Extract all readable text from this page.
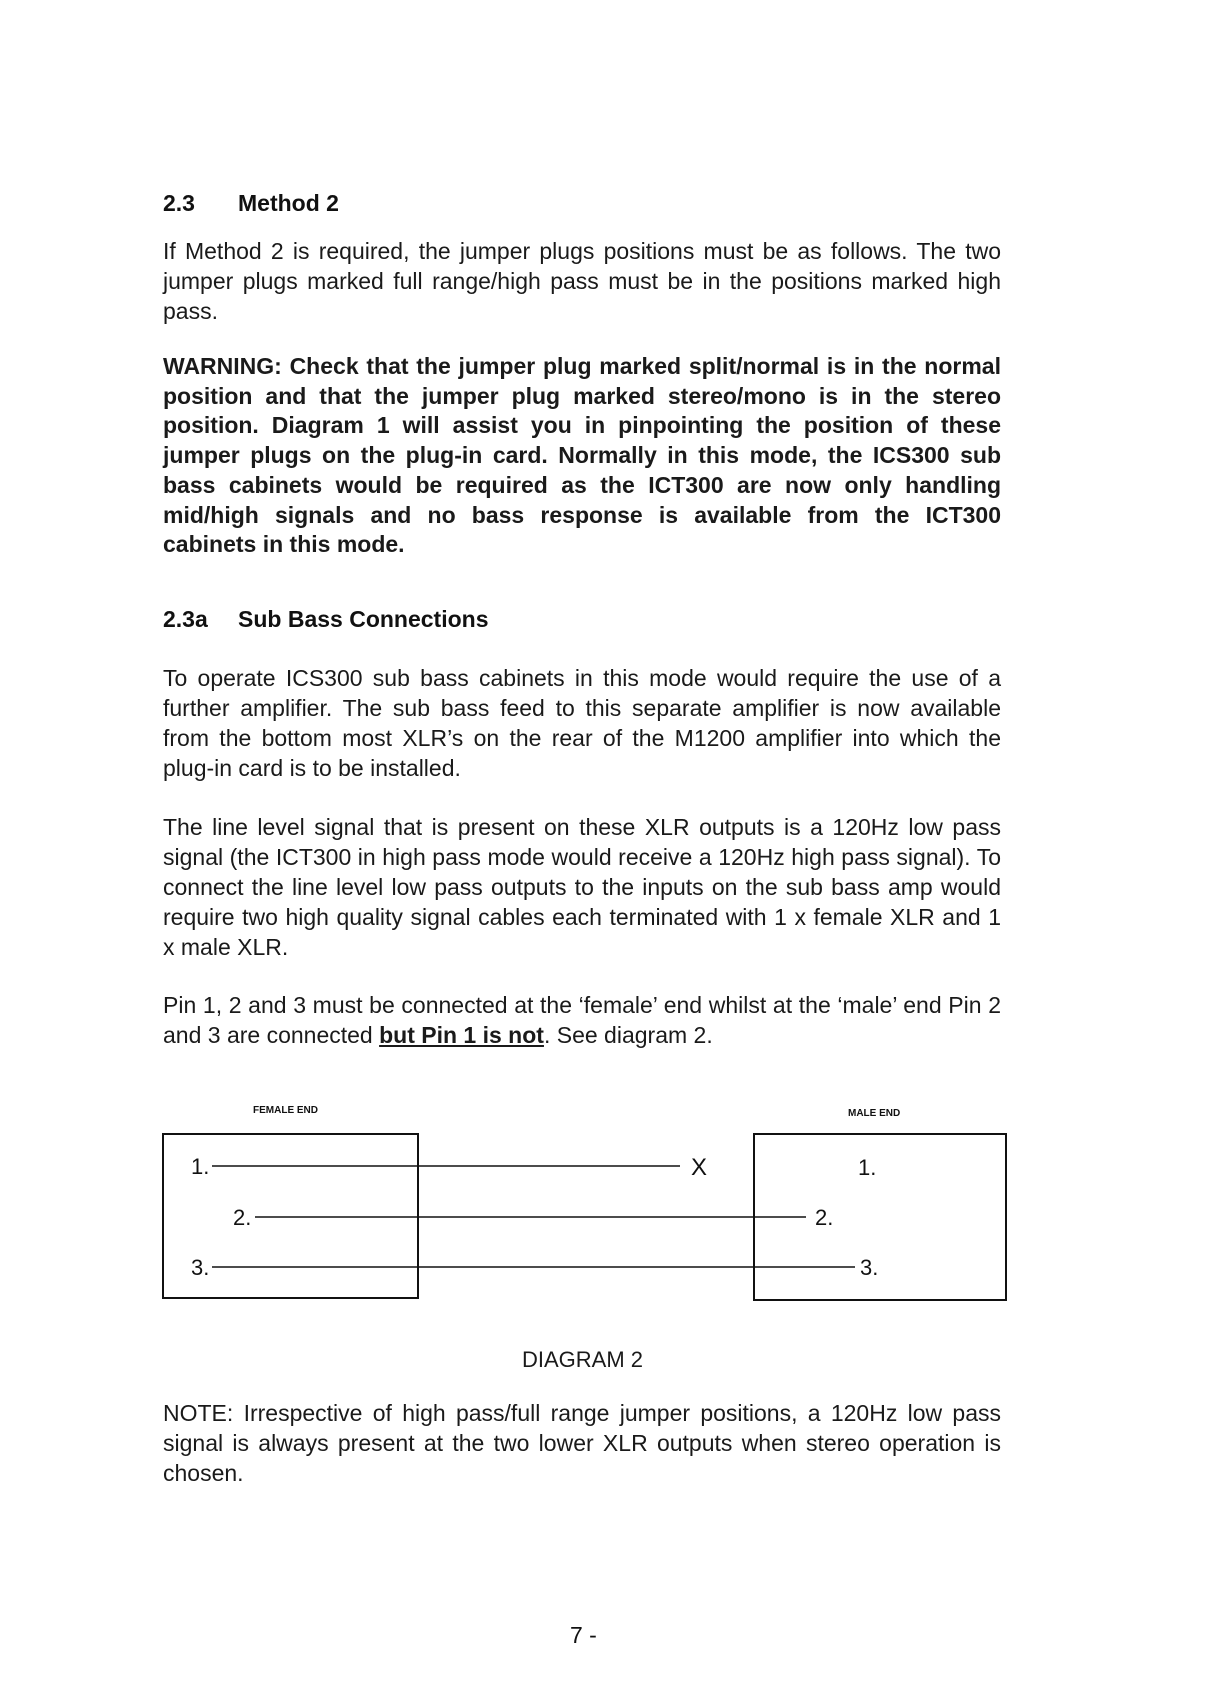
2.3 Method 2

If Method 2 is required, the jumper plugs positions must be as follows. The two jumper plugs marked full range/high pass must be in the positions marked high pass.

WARNING: Check that the jumper plug marked split/normal is in the normal position and that the jumper plug marked stereo/mono is in the stereo position. Diagram 1 will assist you in pinpointing the position of these jumper plugs on the plug-in card. Normally in this mode, the ICS300 sub bass cabinets would be required as the ICT300 are now only handling mid/high signals and no bass response is available from the ICT300 cabinets in this mode.

2.3a Sub Bass Connections

To operate ICS300 sub bass cabinets in this mode would require the use of a further amplifier. The sub bass feed to this separate amplifier is now available from the bottom most XLR’s on the rear of the M1200 amplifier into which the plug-in card is to be installed.

The line level signal that is present on these XLR outputs is a 120Hz low pass signal (the ICT300 in high pass mode would receive a 120Hz high pass signal). To connect the line level low pass outputs to the inputs on the sub bass amp would require two high quality signal cables each terminated with 1 x female XLR and 1 x male XLR.

Pin 1, 2 and 3 must be connected at the ‘female’ end whilst at the ‘male’ end Pin 2 and 3 are connected but Pin 1 is not. See diagram 2.

FEMALE END	MALE END
1.
2.
3.
X	1.
2.
3.
DIAGRAM 2

NOTE: Irrespective of high pass/full range jumper positions, a 120Hz low pass signal is always present at the two lower XLR outputs when stereo operation is chosen.

7 -
